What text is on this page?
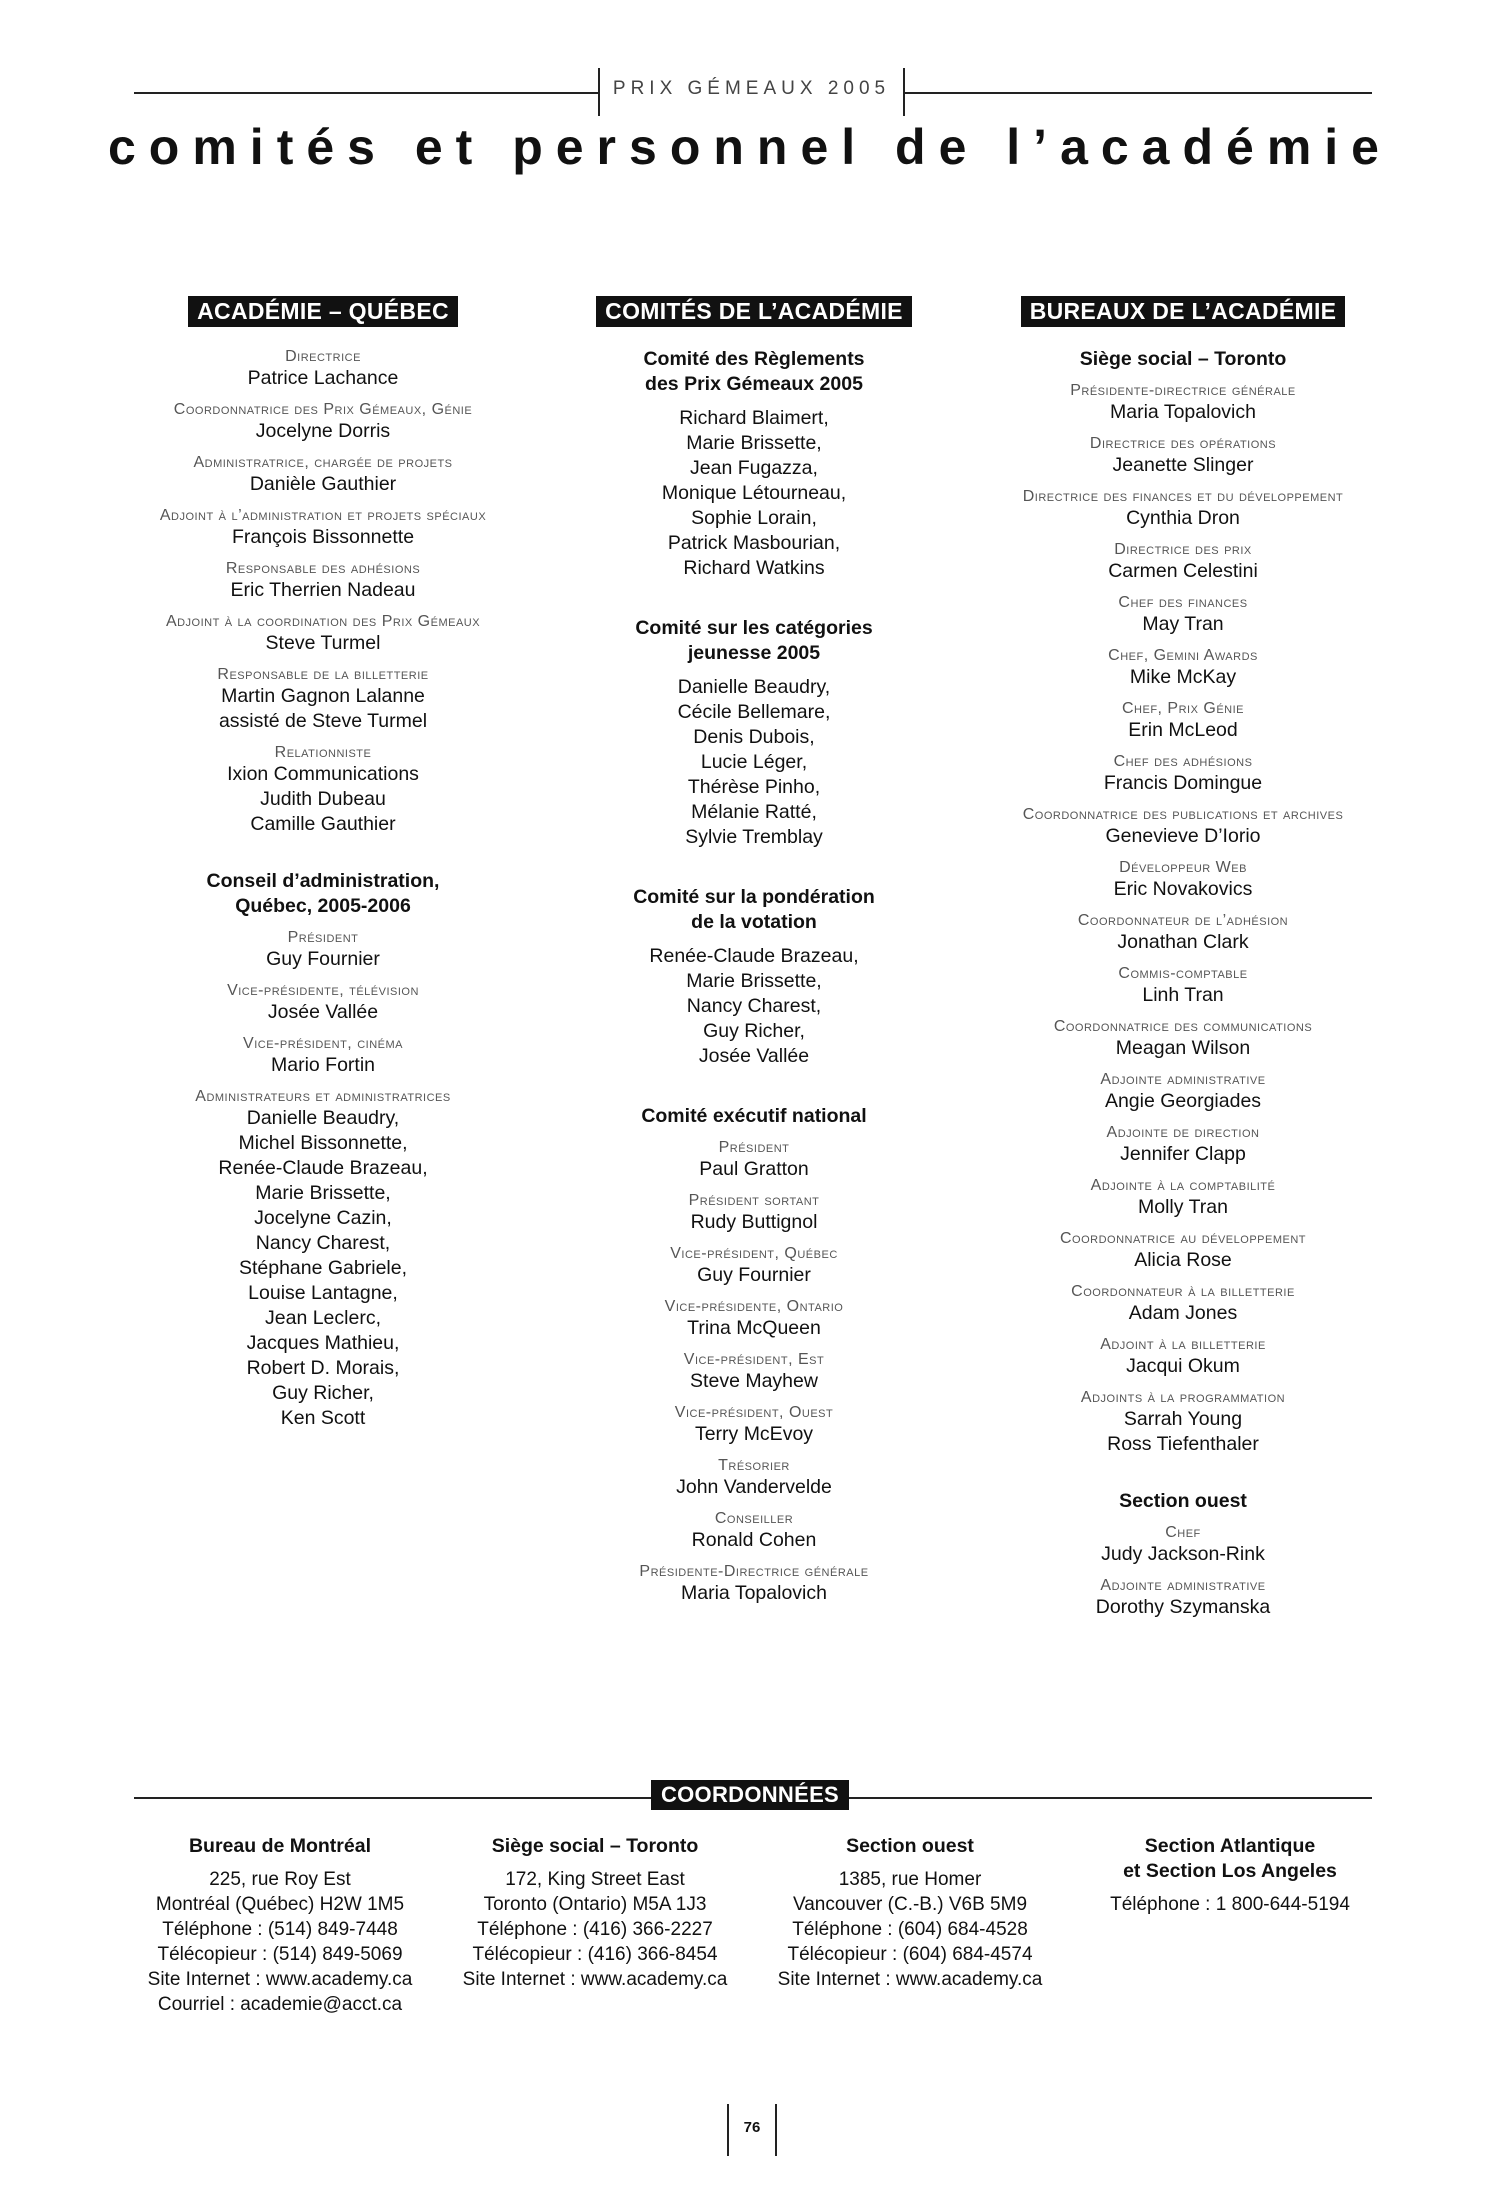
PRIX GÉMEAUX 2005
comités et personnel de l’académie
ACADÉMIE – QUÉBEC
Directrice
Patrice Lachance
Coordonnatrice des Prix Gémeaux, Génie
Jocelyne Dorris
Administratrice, chargée de projets
Danièle Gauthier
Adjoint à l’administration et projets spéciaux
François Bissonnette
Responsable des adhésions
Eric Therrien Nadeau
Adjoint à la coordination des Prix Gémeaux
Steve Turmel
Responsable de la billetterie
Martin Gagnon Lalanne
assisté de Steve Turmel
Relationniste
Ixion Communications
Judith Dubeau
Camille Gauthier
Conseil d’administration,
Québec, 2005-2006
Président
Guy Fournier
Vice-présidente, télévision
Josée Vallée
Vice-président, cinéma
Mario Fortin
Administrateurs et administratrices
Danielle Beaudry,
Michel Bissonnette,
Renée-Claude Brazeau,
Marie Brissette,
Jocelyne Cazin,
Nancy Charest,
Stéphane Gabriele,
Louise Lantagne,
Jean Leclerc,
Jacques Mathieu,
Robert D. Morais,
Guy Richer,
Ken Scott
COMITÉS DE L’ACADÉMIE
Comité des Règlements
des Prix Gémeaux 2005
Richard Blaimert,
Marie Brissette,
Jean Fugazza,
Monique Létourneau,
Sophie Lorain,
Patrick Masbourian,
Richard Watkins
Comité sur les catégories
jeunesse 2005
Danielle Beaudry,
Cécile Bellemare,
Denis Dubois,
Lucie Léger,
Thérèse Pinho,
Mélanie Ratté,
Sylvie Tremblay
Comité sur la pondération
de la votation
Renée-Claude Brazeau,
Marie Brissette,
Nancy Charest,
Guy Richer,
Josée Vallée
Comité exécutif national
Président
Paul Gratton
Président sortant
Rudy Buttignol
Vice-président, Québec
Guy Fournier
Vice-présidente, Ontario
Trina McQueen
Vice-président, Est
Steve Mayhew
Vice-président, Ouest
Terry McEvoy
Trésorier
John Vandervelde
Conseiller
Ronald Cohen
Présidente-Directrice générale
Maria Topalovich
BUREAUX DE L’ACADÉMIE
Siège social – Toronto
Présidente-directrice générale
Maria Topalovich
Directrice des opérations
Jeanette Slinger
Directrice des finances et du développement
Cynthia Dron
Directrice des prix
Carmen Celestini
Chef des finances
May Tran
Chef, Gemini Awards
Mike McKay
Chef, Prix Génie
Erin McLeod
Chef des adhésions
Francis Domingue
Coordonnatrice des publications et archives
Genevieve D’Iorio
Développeur Web
Eric Novakovics
Coordonnateur de l’adhésion
Jonathan Clark
Commis-comptable
Linh Tran
Coordonnatrice des communications
Meagan Wilson
Adjointe administrative
Angie Georgiades
Adjointe de direction
Jennifer Clapp
Adjointe à la comptabilité
Molly Tran
Coordonnatrice au développement
Alicia Rose
Coordonnateur à la billetterie
Adam Jones
Adjoint à la billetterie
Jacqui Okum
Adjoints à la programmation
Sarrah Young
Ross Tiefenthaler
Section ouest
Chef
Judy Jackson-Rink
Adjointe administrative
Dorothy Szymanska
COORDONNÉES
Bureau de Montréal
225, rue Roy Est
Montréal (Québec) H2W 1M5
Téléphone : (514) 849-7448
Télécopieur : (514) 849-5069
Site Internet : www.academy.ca
Courriel : academie@acct.ca
Siège social – Toronto
172, King Street East
Toronto (Ontario) M5A 1J3
Téléphone : (416) 366-2227
Télécopieur : (416) 366-8454
Site Internet : www.academy.ca
Section ouest
1385, rue Homer
Vancouver (C.-B.) V6B 5M9
Téléphone : (604) 684-4528
Télécopieur : (604) 684-4574
Site Internet : www.academy.ca
Section Atlantique
et Section Los Angeles
Téléphone : 1 800-644-5194
76
